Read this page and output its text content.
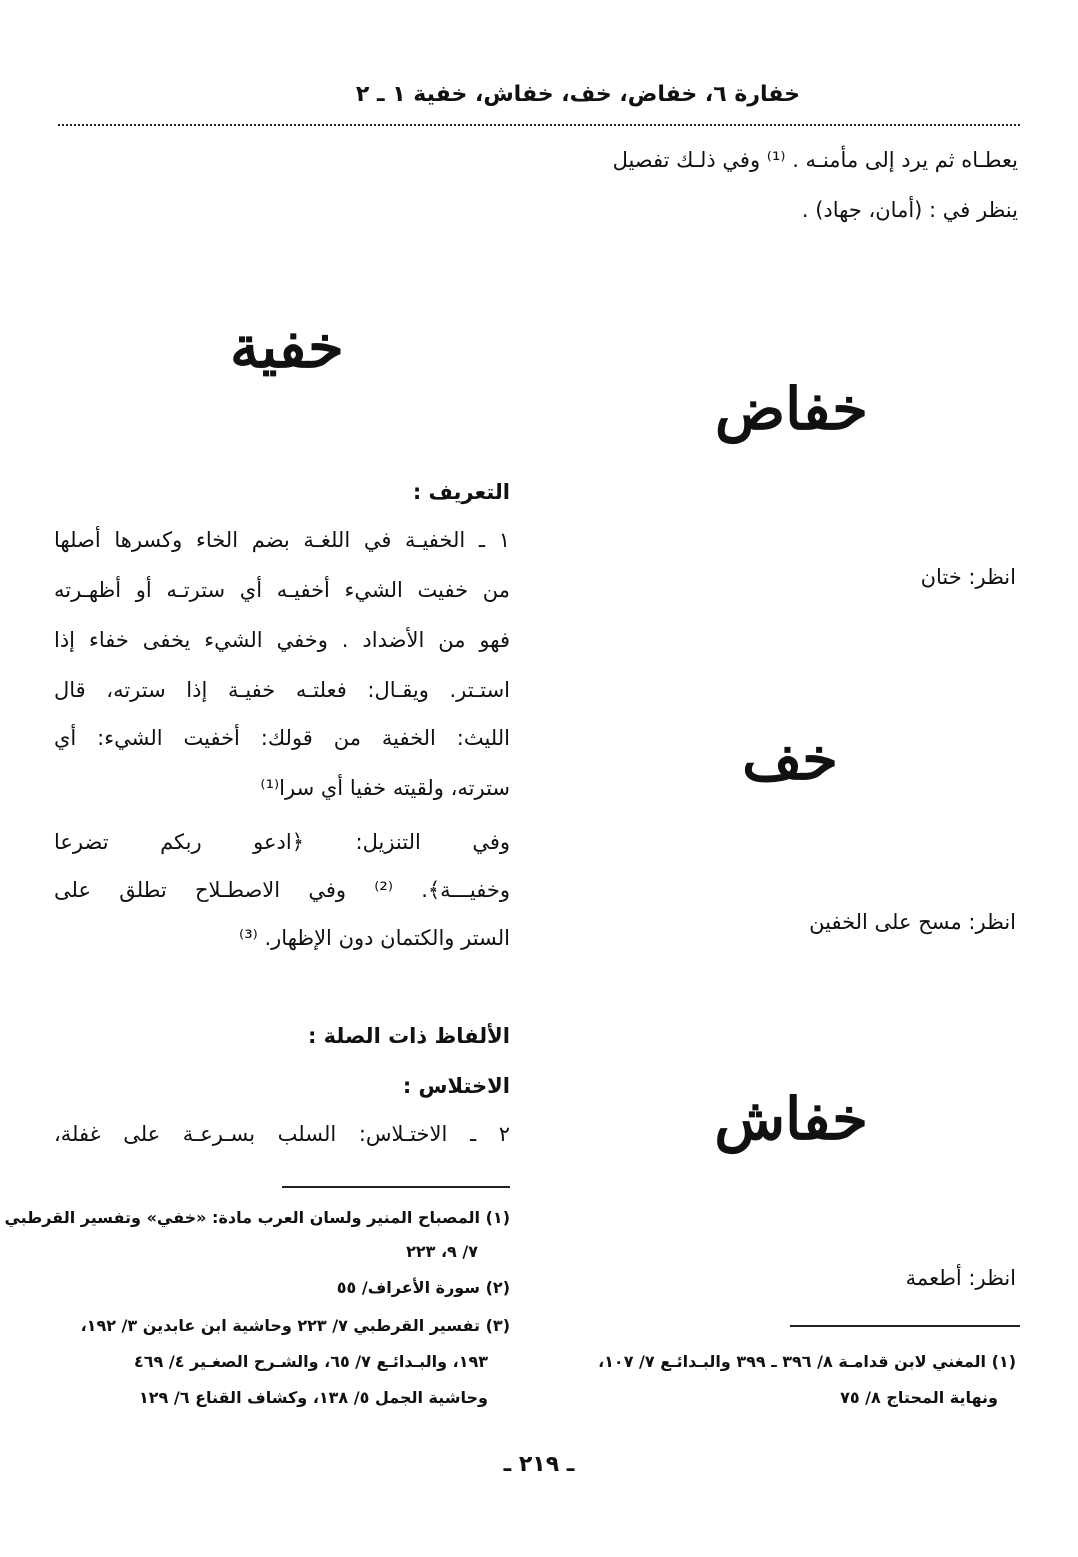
خفارة ٦، خفاض، خف، خفاش، خفية ١ ـ ٢
يعطـاه ثم يرد إلى مأمنـه . ⁽¹⁾ وفي ذلـك تفصيل
ينظر في : (أمان، جهاد) .
خفاض
انظر: ختان
خف
انظر: مسح على الخفين
خفاش
انظر: أطعمة
(١) المغني لابن قدامـة ٨/ ٣٩٦ ـ ٣٩٩ والبـدائـع ٧/ ١٠٧،
ونهاية المحتاج ٨/ ٧٥
خفية
التعريف :
١ ـ الخفيـة في اللغـة بضم الخاء وكسرها أصلها
من خفيت الشيء أخفيـه أي سترتـه أو أظهـرته
فهو من الأضداد . وخفي الشيء يخفى خفاء إذا
استـتر. ويقـال: فعلتـه خفيـة إذا سترته، قال
الليث: الخفية من قولك: أخفيت الشيء: أي
سترته، ولقيته خفيا أي سرا⁽¹⁾
وفي التنزيل: ﴿ادعو ربكم تضرعا
وخفيـــة﴾. ⁽²⁾ وفي الاصطـلاح تطلق على
الستر والكتمان دون الإظهار. ⁽³⁾
الألفاظ ذات الصلة :
الاختلاس :
٢ ـ الاختـلاس: السلب بسـرعـة على غفلة،
(١) المصباح المنير ولسان العرب مادة: «خفي» وتفسير القرطبي
٧/ ٩، ٢٢٣
(٢) سورة الأعراف/ ٥٥
(٣) تفسير القرطبي ٧/ ٢٢٣ وحاشية ابن عابدين ٣/ ١٩٢،
١٩٣، والبـدائـع ٧/ ٦٥، والشـرح الصغـير ٤/ ٤٦٩
وحاشية الجمل ٥/ ١٣٨، وكشاف القناع ٦/ ١٢٩
ـ ٢١٩ ـ
